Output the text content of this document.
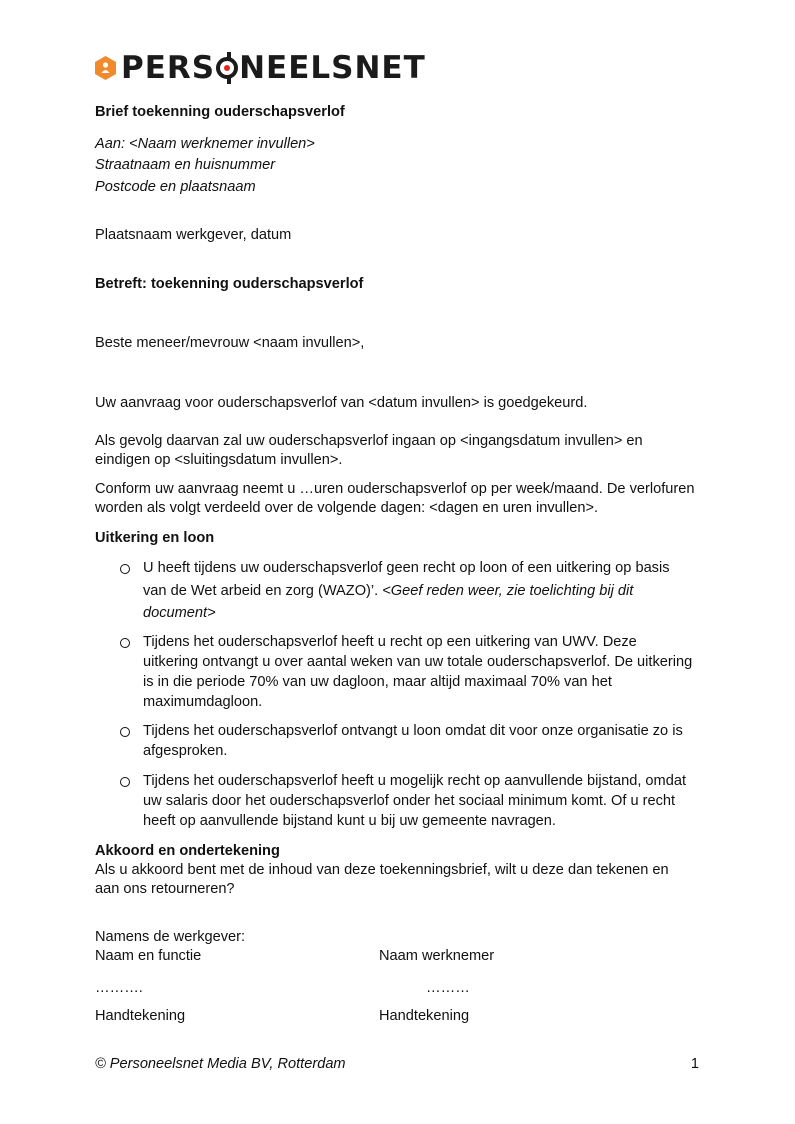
PERS NEELSNET
Brief toekenning ouderschapsverlof
Aan: <Naam werknemer invullen>
Straatnaam en huisnummer
Postcode en plaatsnaam
Plaatsnaam werkgever, datum
Betreft: toekenning ouderschapsverlof
Beste meneer/mevrouw <naam invullen>,
Uw aanvraag voor ouderschapsverlof van <datum invullen> is goedgekeurd.
Als gevolg daarvan zal uw ouderschapsverlof ingaan op <ingangsdatum invullen> en
eindigen op <sluitingsdatum invullen>.
Conform uw aanvraag neemt u …uren ouderschapsverlof op per week/maand. De verlofuren
worden als volgt verdeeld over de volgende dagen: <dagen en uren invullen>.
Uitkering en loon
U heeft tijdens uw ouderschapsverlof geen recht op loon of een uitkering op basis
van de Wet arbeid en zorg (WAZO)’. <Geef reden weer, zie toelichting bij dit
document>
Tijdens het ouderschapsverlof heeft u recht op een uitkering van UWV. Deze
uitkering ontvangt u over aantal weken van uw totale ouderschapsverlof. De uitkering
is in die periode 70% van uw dagloon, maar altijd maximaal 70% van het
maximumdagloon.
Tijdens het ouderschapsverlof ontvangt u loon omdat dit voor onze organisatie zo is
afgesproken.
Tijdens het ouderschapsverlof heeft u mogelijk recht op aanvullende bijstand, omdat
uw salaris door het ouderschapsverlof onder het sociaal minimum komt. Of u recht
heeft op aanvullende bijstand kunt u bij uw gemeente navragen.
Akkoord en ondertekening
Als u akkoord bent met de inhoud van deze toekenningsbrief, wilt u deze dan tekenen en
aan ons retourneren?
Namens de werkgever:
Naam en functie	Naam werknemer
……….	………
Handtekening	Handtekening
© Personeelsnet Media BV, Rotterdam	1
